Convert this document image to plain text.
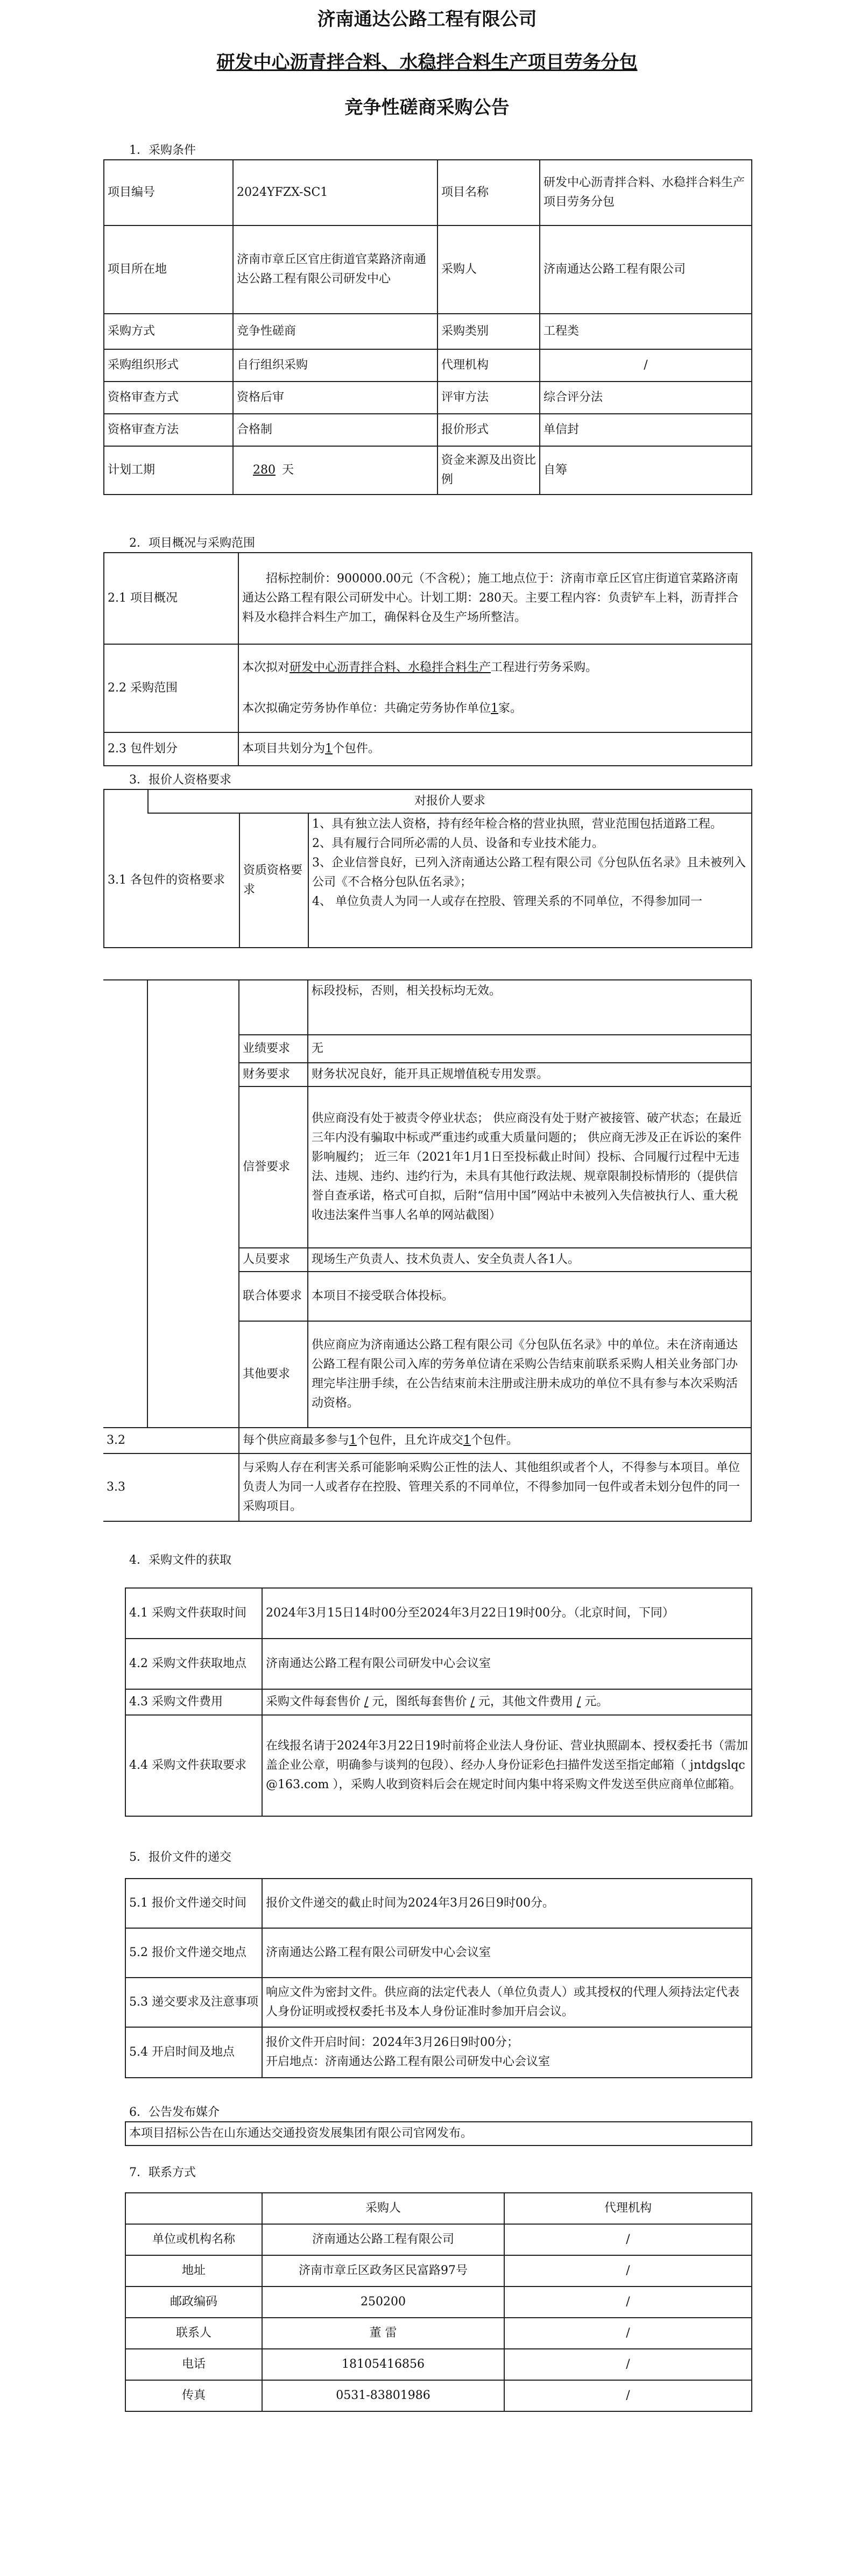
济南通达公路工程有限公司
研发中心沥青拌合料、水稳拌合料生产项目劳务分包
竞争性磋商采购公告
1．采购条件
项目编号	2024YFZX-SC1	项目名称	研发中心沥青拌合料、水稳拌合料生产项目劳务分包
项目所在地	济南市章丘区官庄街道官菜路济南通达公路工程有限公司研发中心	采购人	济南通达公路工程有限公司
采购方式	竞争性磋商	采购类别	工程类
采购组织形式	自行组织采购	代理机构	/
资格审查方式	资格后审	评审方法	综合评分法
资格审查方法	合格制	报价形式	单信封
计划工期	280 天	资金来源及出资比例	自筹
2．项目概况与采购范围
2.1 项目概况	招标控制价：900000.00元（不含税）；施工地点位于：济南市章丘区官庄街道官菜路济南通达公路工程有限公司研发中心。计划工期：280天。主要工程内容：负责铲车上料，沥青拌合料及水稳拌合料生产加工，确保料仓及生产场所整洁。
2.2 采购范围	本次拟对研发中心沥青拌合料、水稳拌合料生产工程进行劳务采购。
本次拟确定劳务协作单位：共确定劳务协作单位1家。

2.3 包件划分	本项目共划分为1个包件。
3．报价人资格要求
	对报价人要求		
3.1 各包件的资格要求		资质资格要求	1、具有独立法人资格，持有经年检合格的营业执照，营业范围包括道路工程。
2、具有履行合同所必需的人员、设备和专业技术能力。
3、企业信誉良好，已列入济南通达公路工程有限公司《分包队伍名录》且未被列入公司《不合格分包队伍名录》；
4、 单位负责人为同一人或存在控股、管理关系的不同单位，不得参加同一
			标段投标，否则，相关投标均无效。
		业绩要求	无
		财务要求	财务状况良好，能开具正规增值税专用发票。
		信誉要求	供应商没有处于被责令停业状态； 供应商没有处于财产被接管、破产状态；在最近三年内没有骗取中标或严重违约或重大质量问题的； 供应商无涉及正在诉讼的案件影响履约； 近三年（2021年1月1日至投标截止时间）投标、合同履行过程中无违法、违规、违约、违约行为，未具有其他行政法规、规章限制投标情形的（提供信誉自查承诺，格式可自拟，后附“信用中国”网站中未被列入失信被执行人、重大税收违法案件当事人名单的网站截图）
		人员要求	现场生产负责人、技术负责人、安全负责人各1人。
		联合体要求	本项目不接受联合体投标。
		其他要求	供应商应为济南通达公路工程有限公司《分包队伍名录》中的单位。未在济南通达公路工程有限公司入库的劳务单位请在采购公告结束前联系采购人相关业务部门办理完毕注册手续，在公告结束前未注册或注册未成功的单位不具有参与本次采购活动资格。
3.2		每个供应商最多参与1个包件，且允许成交1个包件。	
3.3		与采购人存在利害关系可能影响采购公正性的法人、其他组织或者个人，不得参与本项目。单位负责人为同一人或者存在控股、管理关系的不同单位，不得参加同一包件或者未划分包件的同一采购项目。	
4．采购文件的获取
4.1 采购文件获取时间	2024年3月15日14时00分至2024年3月22日19时00分。（北京时间，下同）
4.2 采购文件获取地点	济南通达公路工程有限公司研发中心会议室
4.3 采购文件费用	采购文件每套售价 / 元，图纸每套售价 / 元，其他文件费用 / 元。
4.4 采购文件获取要求	在线报名请于2024年3月22日19时前将企业法人身份证、营业执照副本、授权委托书（需加盖企业公章，明确参与谈判的包段）、经办人身份证彩色扫描件发送至指定邮箱（ jntdgslqc@163.com ），采购人收到资料后会在规定时间内集中将采购文件发送至供应商单位邮箱。
5．报价文件的递交
5.1 报价文件递交时间	报价文件递交的截止时间为2024年3月26日9时00分。
5.2 报价文件递交地点	济南通达公路工程有限公司研发中心会议室
5.3 递交要求及注意事项	响应文件为密封文件。供应商的法定代表人（单位负责人）或其授权的代理人须持法定代表人身份证明或授权委托书及本人身份证准时参加开启会议。
5.4 开启时间及地点	报价文件开启时间：2024年3月26日9时00分；
开启地点：济南通达公路工程有限公司研发中心会议室
6．公告发布媒介
本项目招标公告在山东通达交通投资发展集团有限公司官网发布。
7．联系方式
	采购人	代理机构
单位或机构名称	济南通达公路工程有限公司	/
地址	济南市章丘区政务区民富路97号	/
邮政编码	250200	/
联系人	董 雷	/
电话	18105416856	/
传真	0531-83801986	/
